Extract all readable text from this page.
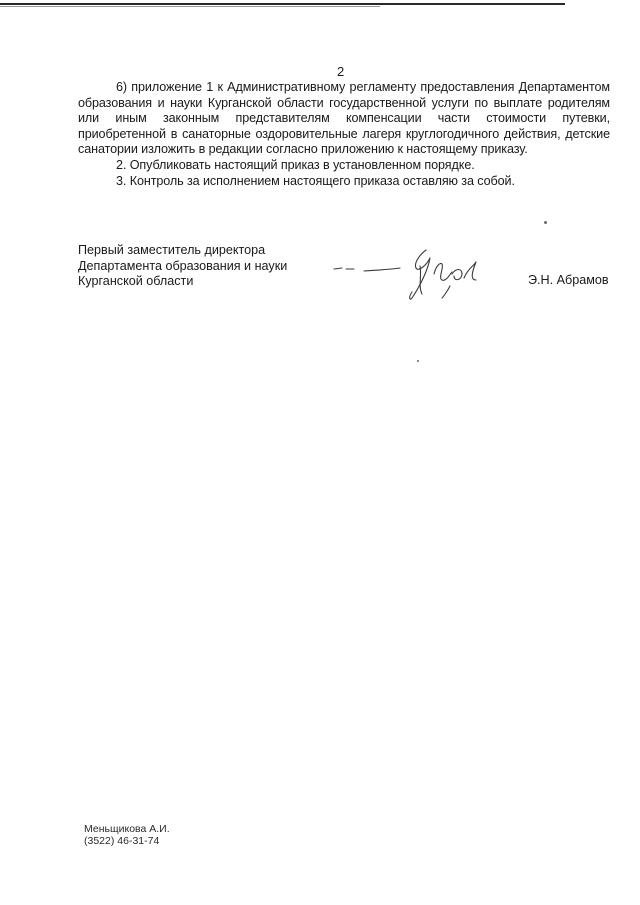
2

6) приложение 1 к Административному регламенту предоставления Департаментом образования и науки Курганской области государственной услуги по выплате родителям или иным законным представителям компенсации части стоимости путевки, приобретенной в санаторные оздоровительные лагеря круглогодичного действия, детские санатории изложить в редакции согласно приложению к настоящему приказу.

2. Опубликовать настоящий приказ в установленном порядке.

3. Контроль за исполнением настоящего приказа оставляю за собой.

Первый заместитель директора
Департамента образования и науки
Курганской области	Э.Н. Абрамов
Меньщикова А.И.
(3522) 46-31-74
